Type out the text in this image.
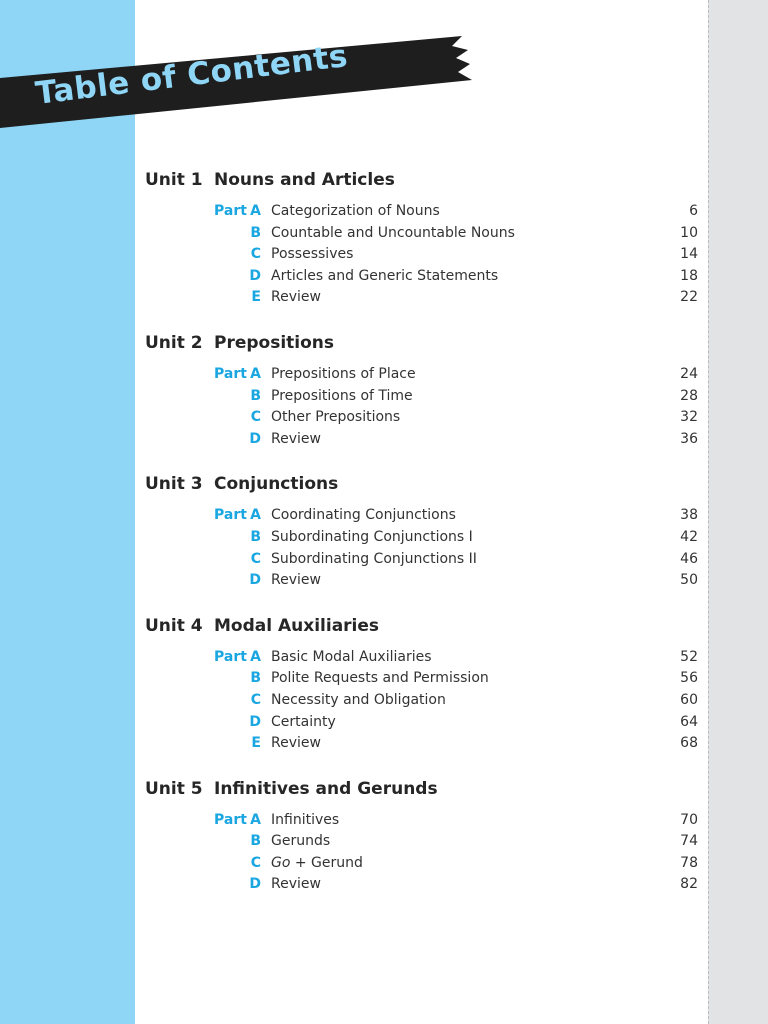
Table of Contents
Unit 1 Nouns and Articles
Part A Categorization of Nouns	6
B Countable and Uncountable Nouns	10
C Possessives	14
D Articles and Generic Statements	18
E Review	22
Unit 2 Prepositions
Part A Prepositions of Place	24
B Prepositions of Time	28
C Other Prepositions	32
D Review	36
Unit 3 Conjunctions
Part A Coordinating Conjunctions	38
B Subordinating Conjunctions I	42
C Subordinating Conjunctions II	46
D Review	50
Unit 4 Modal Auxiliaries
Part A Basic Modal Auxiliaries	52
B Polite Requests and Permission	56
C Necessity and Obligation	60
D Certainty	64
E Review	68
Unit 5 Infinitives and Gerunds
Part A Infinitives	70
B Gerunds	74
C Go + Gerund	78
D Review	82
